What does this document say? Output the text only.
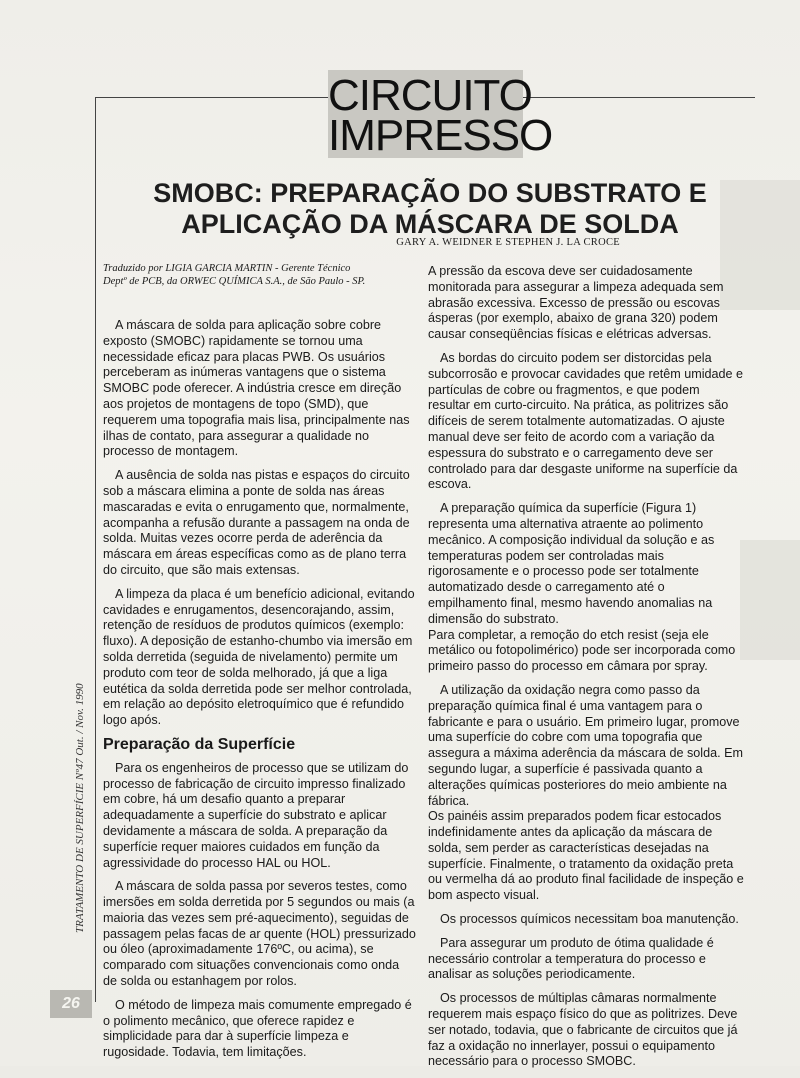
CIRCUITO
IMPRESSO
SMOBC: PREPARAÇÃO DO SUBSTRATO E
APLICAÇÃO DA MÁSCARA DE SOLDA
GARY A. WEIDNER E STEPHEN J. LA CROCE
Traduzido por LIGIA GARCIA MARTIN - Gerente Técnico
Deptº de PCB, da ORWEC QUÍMICA S.A., de São Paulo - SP.

A máscara de solda para aplicação sobre cobre exposto (SMOBC) rapidamente se tornou uma necessidade eficaz para placas PWB. Os usuários perceberam as inúmeras vantagens que o sistema SMOBC pode oferecer. A indústria cresce em direção aos projetos de montagens de topo (SMD), que requerem uma topografia mais lisa, principalmente nas ilhas de contato, para assegurar a qualidade no processo de montagem.

A ausência de solda nas pistas e espaços do circuito sob a máscara elimina a ponte de solda nas áreas mascaradas e evita o enrugamento que, normalmente, acompanha a refusão durante a passagem na onda de solda. Muitas vezes ocorre perda de aderência da máscara em áreas específicas como as de plano terra do circuito, que são mais extensas.

A limpeza da placa é um benefício adicional, evitando cavidades e enrugamentos, desencorajando, assim, retenção de resíduos de produtos químicos (exemplo: fluxo). A deposição de estanho-chumbo via imersão em solda derretida (seguida de nivelamento) permite um produto com teor de solda melhorado, já que a liga eutética da solda derretida pode ser melhor controlada, em relação ao depósito eletroquímico que é refundido logo após.

Preparação da Superfície

Para os engenheiros de processo que se utilizam do processo de fabricação de circuito impresso finalizado em cobre, há um desafio quanto a preparar adequadamente a superfície do substrato e aplicar devidamente a máscara de solda. A preparação da superfície requer maiores cuidados em função da agressividade do processo HAL ou HOL.

A máscara de solda passa por severos testes, como imersões em solda derretida por 5 segundos ou mais (a maioria das vezes sem pré-aquecimento), seguidas de passagem pelas facas de ar quente (HOL) pressurizado ou óleo (aproximadamente 176ºC, ou acima), se comparado com situações convencionais como onda de solda ou estanhagem por rolos.

O método de limpeza mais comumente empregado é o polimento mecânico, que oferece rapidez e simplicidade para dar à superfície limpeza e rugosidade. Todavia, tem limitações.

A pressão da escova deve ser cuidadosamente monitorada para assegurar a limpeza adequada sem abrasão excessiva. Excesso de pressão ou escovas ásperas (por exemplo, abaixo de grana 320) podem causar conseqüências físicas e elétricas adversas.

As bordas do circuito podem ser distorcidas pela subcorrosão e provocar cavidades que retêm umidade e partículas de cobre ou fragmentos, e que podem resultar em curto-circuito. Na prática, as politrizes são difíceis de serem totalmente automatizadas. O ajuste manual deve ser feito de acordo com a variação da espessura do substrato e o carregamento deve ser controlado para dar desgaste uniforme na superfície da escova.

A preparação química da superfície (Figura 1) representa uma alternativa atraente ao polimento mecânico. A composição individual da solução e as temperaturas podem ser controladas mais rigorosamente e o processo pode ser totalmente automatizado desde o carregamento até o empilhamento final, mesmo havendo anomalias na dimensão do substrato.

Para completar, a remoção do etch resist (seja ele metálico ou fotopolimérico) pode ser incorporada como primeiro passo do processo em câmara por spray.

A utilização da oxidação negra como passo da preparação química final é uma vantagem para o fabricante e para o usuário. Em primeiro lugar, promove uma superfície do cobre com uma topografia que assegura a máxima aderência da máscara de solda. Em segundo lugar, a superfície é passivada quanto a alterações químicas posteriores do meio ambiente na fábrica.

Os painéis assim preparados podem ficar estocados indefinidamente antes da aplicação da máscara de solda, sem perder as características desejadas na superfície. Finalmente, o tratamento da oxidação preta ou vermelha dá ao produto final facilidade de inspeção e bom aspecto visual.

Os processos químicos necessitam boa manutenção.

Para assegurar um produto de ótima qualidade é necessário controlar a temperatura do processo e analisar as soluções periodicamente.

Os processos de múltiplas câmaras normalmente requerem mais espaço físico do que as politrizes. Deve ser notado, todavia, que o fabricante de circuitos que já faz a oxidação no innerlayer, possui o equipamento necessário para o processo SMOBC.

TRATAMENTO DE SUPERFÍCIE Nº47 Out. / Nov. 1990
26
